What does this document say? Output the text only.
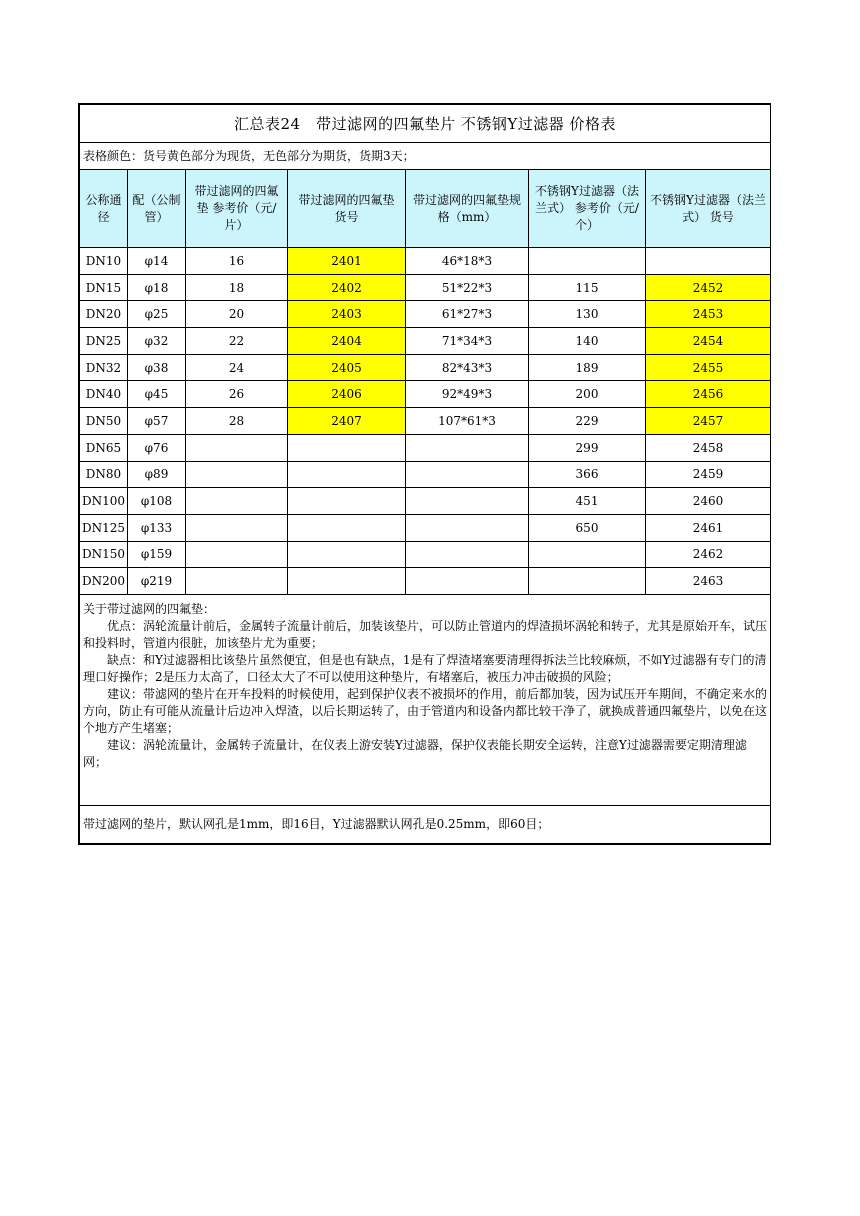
汇总表24　带过滤网的四氟垫片 不锈钢Y过滤器 价格表						
表格颜色：货号黄色部分为现货，无色部分为期货，货期3天；						
公称通径	配（公制管）	带过滤网的四氟垫 参考价（元/片）	带过滤网的四氟垫 货号	带过滤网的四氟垫规格（mm）	不锈钢Y过滤器（法兰式） 参考价（元/个）	不锈钢Y过滤器（法兰式） 货号
DN10	φ14	16	2401	46*18*3		
DN15	φ18	18	2402	51*22*3	115	2452
DN20	φ25	20	2403	61*27*3	130	2453
DN25	φ32	22	2404	71*34*3	140	2454
DN32	φ38	24	2405	82*43*3	189	2455
DN40	φ45	26	2406	92*49*3	200	2456
DN50	φ57	28	2407	107*61*3	229	2457
DN65	φ76				299	2458
DN80	φ89				366	2459
DN100	φ108				451	2460
DN125	φ133				650	2461
DN150	φ159					2462
DN200	φ219					2463

关于带过滤网的四氟垫：

优点：涡轮流量计前后，金属转子流量计前后，加装该垫片，可以防止管道内的焊渣损坏涡轮和转子，尤其是原始开车，试压和投料时，管道内很脏，加该垫片尤为重要；

缺点：和Y过滤器相比该垫片虽然便宜，但是也有缺点，1是有了焊渣堵塞要清理得拆法兰比较麻烦，不如Y过滤器有专门的清理口好操作；2是压力太高了，口径太大了不可以使用这种垫片，有堵塞后，被压力冲击破损的风险；

建议：带滤网的垫片在开车投料的时候使用，起到保护仪表不被损坏的作用，前后都加装，因为试压开车期间，不确定来水的方向，防止有可能从流量计后边冲入焊渣，以后长期运转了，由于管道内和设备内都比较干净了，就换成普通四氟垫片，以免在这个地方产生堵塞；

建议：涡轮流量计，金属转子流量计，在仪表上游安装Y过滤器，保护仪表能长期安全运转，注意Y过滤器需要定期清理滤网；						

带过滤网的垫片，默认网孔是1mm，即16目，Y过滤器默认网孔是0.25mm，即60目；						
